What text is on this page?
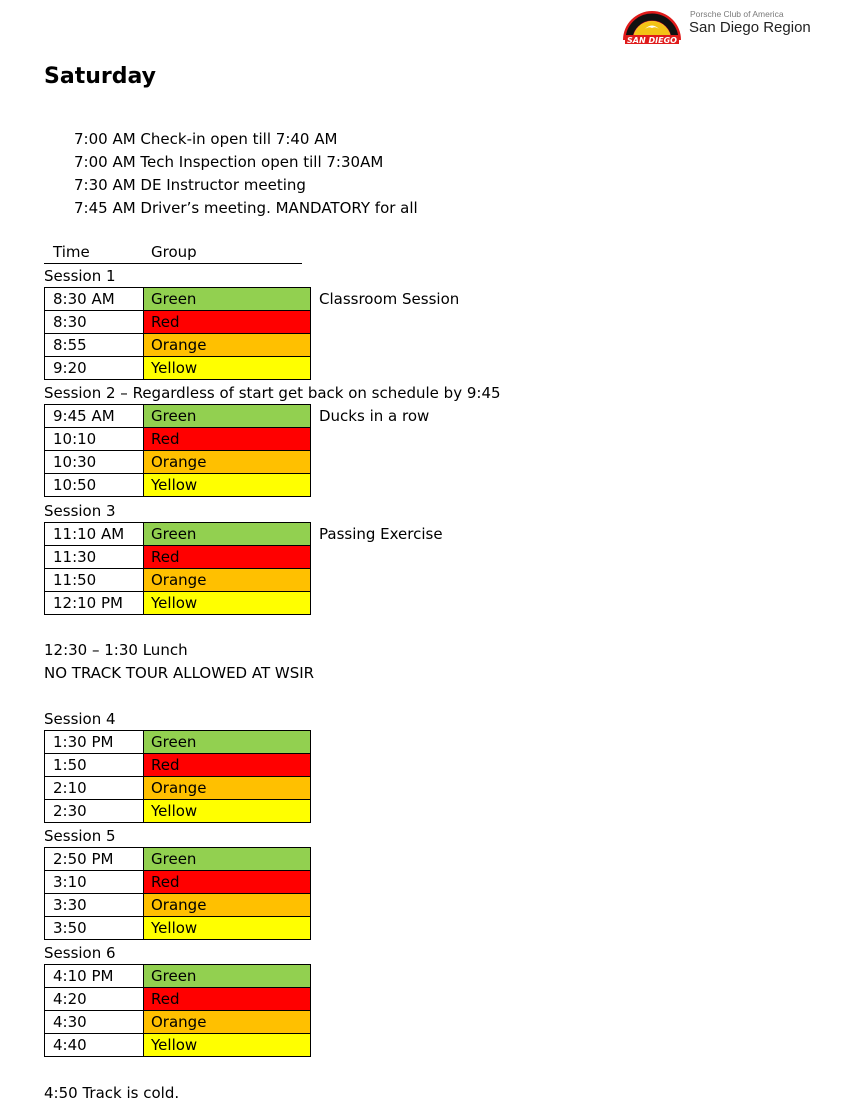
SAN DIEGO
Porsche Club of America
San Diego Region
Saturday
7:00 AM Check-in open till 7:40 AM
7:00 AM Tech Inspection open till 7:30AM
7:30 AM DE Instructor meeting
7:45 AM Driver’s meeting. MANDATORY for all
Time	Group
Session 1
8:30 AM	Green
8:30	Red
8:55	Orange
9:20	Yellow
Classroom Session
Session 2 – Regardless of start get back on schedule by 9:45
9:45 AM	Green
10:10	Red
10:30	Orange
10:50	Yellow
Ducks in a row
Session 3
11:10 AM	Green
11:30	Red
11:50	Orange
12:10 PM	Yellow
Passing Exercise
12:30 – 1:30 Lunch
NO TRACK TOUR ALLOWED AT WSIR
Session 4
1:30 PM	Green
1:50	Red
2:10	Orange
2:30	Yellow
Session 5
2:50 PM	Green
3:10	Red
3:30	Orange
3:50	Yellow
Session 6
4:10 PM	Green
4:20	Red
4:30	Orange
4:40	Yellow
4:50 Track is cold.
